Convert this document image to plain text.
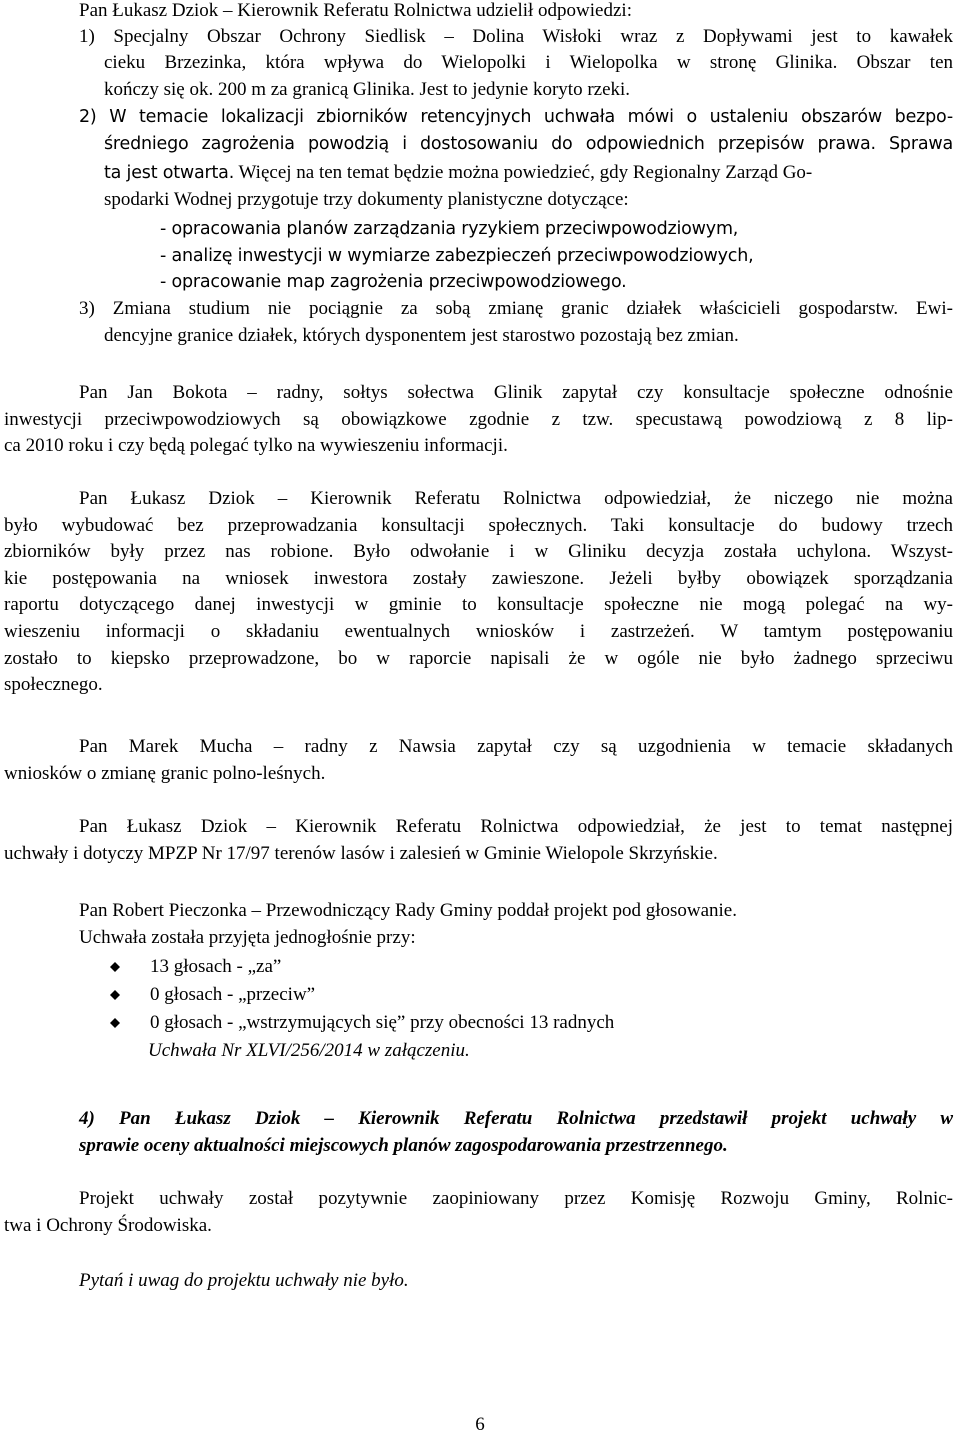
Pan Łukasz Dziok – Kierownik Referatu Rolnictwa udzielił odpowiedzi:
1) Specjalny Obszar Ochrony Siedlisk – Dolina Wisłoki wraz z Dopływami jest to kawałek
cieku Brzezinka, która wpływa do Wielopolki i Wielopolka w stronę Glinika. Obszar ten
kończy się ok. 200 m za granicą Glinika. Jest to jedynie koryto rzeki.
2) W temacie lokalizacji zbiorników retencyjnych uchwała mówi o ustaleniu obszarów bezpo-
średniego zagrożenia powodzią i dostosowaniu do odpowiednich przepisów prawa. Sprawa
ta jest otwarta. Więcej na ten temat będzie można powiedzieć, gdy Regionalny Zarząd Go-
spodarki Wodnej przygotuje trzy dokumenty planistyczne dotyczące:
- opracowania planów zarządzania ryzykiem przeciwpowodziowym,
- analizę inwestycji w wymiarze zabezpieczeń przeciwpowodziowych,
- opracowanie map zagrożenia przeciwpowodziowego.
3) Zmiana studium nie pociągnie za sobą zmianę granic działek właścicieli gospodarstw. Ewi-
dencyjne granice działek, których dysponentem jest starostwo pozostają bez zmian.
Pan Jan Bokota – radny, sołtys sołectwa Glinik zapytał czy konsultacje społeczne odnośnie
inwestycji przeciwpowodziowych są obowiązkowe zgodnie z tzw. specustawą powodziową z 8 lip-
ca 2010 roku i czy będą polegać tylko na wywieszeniu informacji.
Pan Łukasz Dziok – Kierownik Referatu Rolnictwa odpowiedział, że niczego nie można
było wybudować bez przeprowadzania konsultacji społecznych. Taki konsultacje do budowy trzech
zbiorników były przez nas robione. Było odwołanie i w Gliniku decyzja została uchylona. Wszyst-
kie postępowania na wniosek inwestora zostały zawieszone. Jeżeli byłby obowiązek sporządzania
raportu dotyczącego danej inwestycji w gminie to konsultacje społeczne nie mogą polegać na wy-
wieszeniu informacji o składaniu ewentualnych wniosków i zastrzeżeń. W tamtym postępowaniu
zostało to kiepsko przeprowadzone, bo w raporcie napisali że w ogóle nie było żadnego sprzeciwu
społecznego.
Pan Marek Mucha – radny z Nawsia zapytał czy są uzgodnienia w temacie składanych
wniosków o zmianę granic polno-leśnych.
Pan Łukasz Dziok – Kierownik Referatu Rolnictwa odpowiedział, że jest to temat następnej
uchwały i dotyczy MPZP Nr 17/97 terenów lasów i zalesień w Gminie Wielopole Skrzyńskie.
Pan Robert Pieczonka – Przewodniczący Rady Gminy poddał projekt pod głosowanie.
Uchwała została przyjęta jednogłośnie przy:
13 głosach - „za”
0 głosach - „przeciw”
0 głosach - „wstrzymujących się” przy obecności 13 radnych
Uchwała Nr XLVI/256/2014 w załączeniu.
4) Pan Łukasz Dziok – Kierownik Referatu Rolnictwa przedstawił projekt uchwały w
sprawie oceny aktualności miejscowych planów zagospodarowania przestrzennego.
Projekt uchwały został pozytywnie zaopiniowany przez Komisję Rozwoju Gminy, Rolnic-
twa i Ochrony Środowiska.
Pytań i uwag do projektu uchwały nie było.
6
